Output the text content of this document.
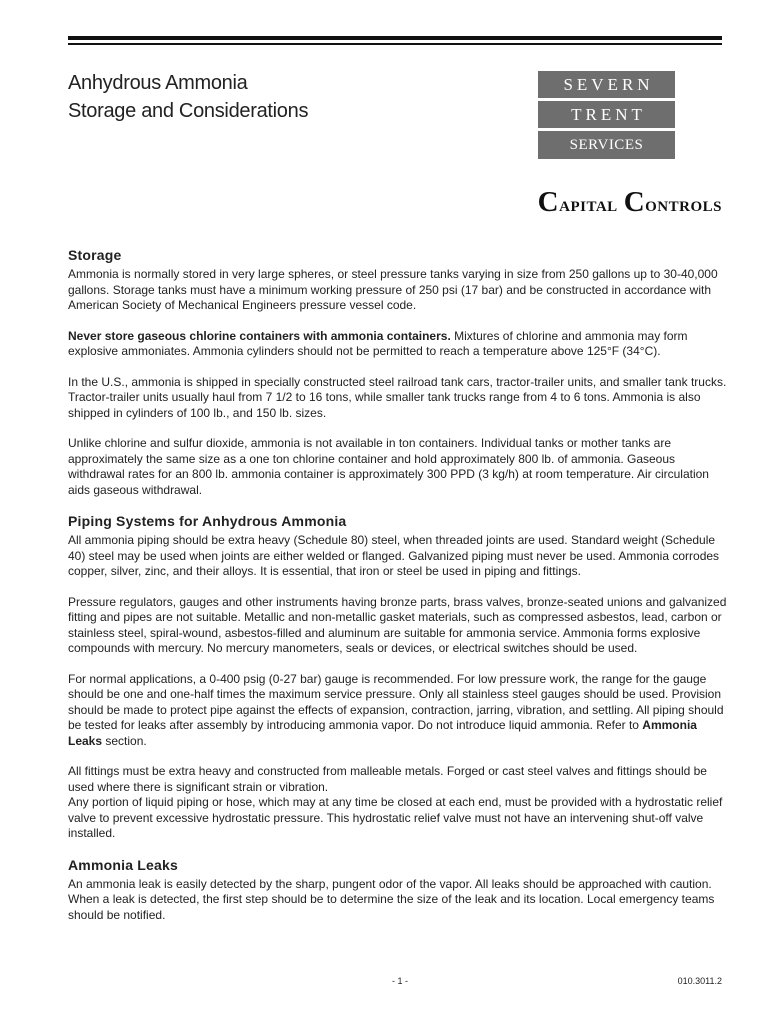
Anhydrous Ammonia
Storage and Considerations
SEVERN
TRENT
SERVICES
Capital Controls
Storage

Ammonia is normally stored in very large spheres, or steel pressure tanks varying in size from 250 gallons up to 30-40,000 gallons. Storage tanks must have a minimum working pressure of 250 psi (17 bar) and be constructed in accordance with American Society of Mechanical Engineers pressure vessel code.

Never store gaseous chlorine containers with ammonia containers. Mixtures of chlorine and ammonia may form explosive ammoniates. Ammonia cylinders should not be permitted to reach a temperature above 125°F (34°C).

In the U.S., ammonia is shipped in specially constructed steel railroad tank cars, tractor-trailer units, and smaller tank trucks. Tractor-trailer units usually haul from 7 1/2 to 16 tons, while smaller tank trucks range from 4 to 6 tons. Ammonia is also shipped in cylinders of 100 lb., and 150 lb. sizes.

Unlike chlorine and sulfur dioxide, ammonia is not available in ton containers. Individual tanks or mother tanks are approximately the same size as a one ton chlorine container and hold approximately 800 lb. of ammonia. Gaseous withdrawal rates for an 800 lb. ammonia container is approximately 300 PPD (3 kg/h) at room temperature. Air circulation aids gaseous withdrawal.

Piping Systems for Anhydrous Ammonia

All ammonia piping should be extra heavy (Schedule 80) steel, when threaded joints are used. Standard weight (Schedule 40) steel may be used when joints are either welded or flanged. Galvanized piping must never be used. Ammonia corrodes copper, silver, zinc, and their alloys. It is essential, that iron or steel be used in piping and fittings.

Pressure regulators, gauges and other instruments having bronze parts, brass valves, bronze-seated unions and galvanized fitting and pipes are not suitable. Metallic and non-metallic gasket materials, such as compressed asbestos, lead, carbon or stainless steel, spiral-wound, asbestos-filled and aluminum are suitable for ammonia service. Ammonia forms explosive compounds with mercury. No mercury manometers, seals or devices, or electrical switches should be used.

For normal applications, a 0-400 psig (0-27 bar) gauge is recommended. For low pressure work, the range for the gauge should be one and one-half times the maximum service pressure. Only all stainless steel gauges should be used. Provision should be made to protect pipe against the effects of expansion, contraction, jarring, vibration, and settling. All piping should be tested for leaks after assembly by introducing ammonia vapor. Do not introduce liquid ammonia. Refer to Ammonia Leaks section.

All fittings must be extra heavy and constructed from malleable metals. Forged or cast steel valves and fittings should be used where there is significant strain or vibration.

Any portion of liquid piping or hose, which may at any time be closed at each end, must be provided with a hydrostatic relief valve to prevent excessive hydrostatic pressure. This hydrostatic relief valve must not have an intervening shut-off valve installed.

Ammonia Leaks

An ammonia leak is easily detected by the sharp, pungent odor of the vapor. All leaks should be approached with caution. When a leak is detected, the first step should be to determine the size of the leak and its location. Local emergency teams should be notified.

- 1 -	010.3011.2
